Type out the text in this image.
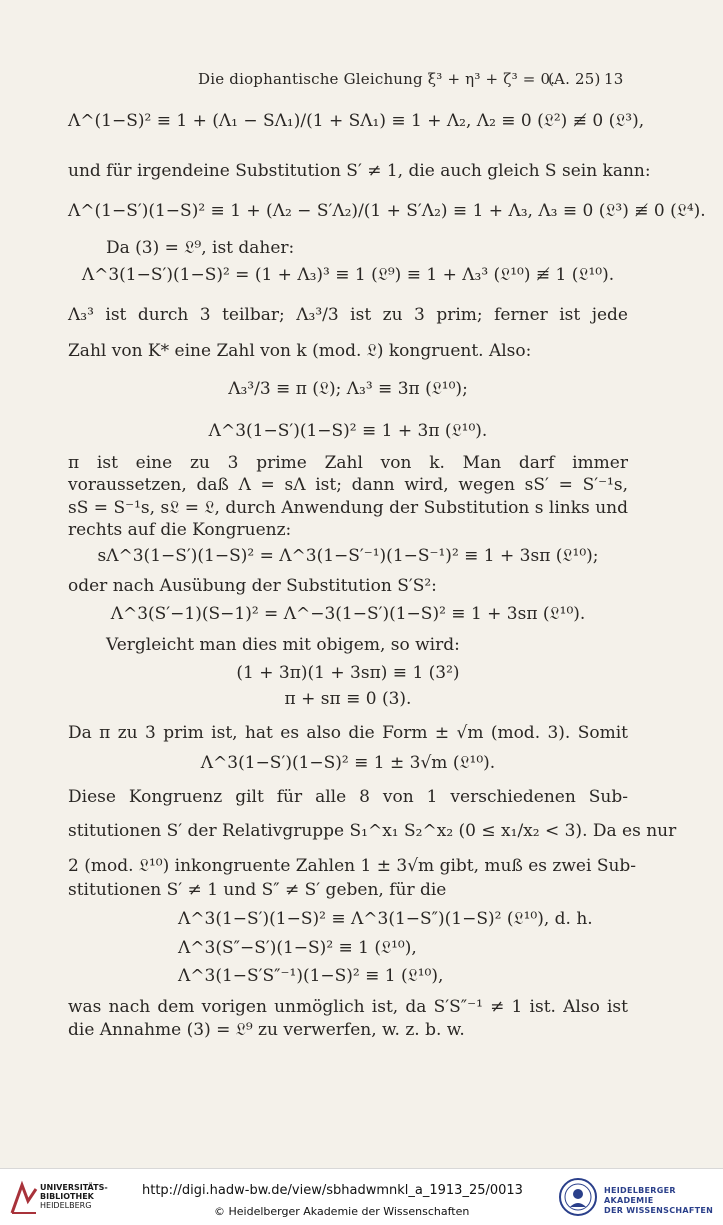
Die diophantische Gleichung ξ³ + η³ + ζ³ = 0.
(A. 25) 13
Λ^(1−S)² ≡ 1 + (Λ₁ − SΛ₁)/(1 + SΛ₁) ≡ 1 + Λ₂, Λ₂ ≡ 0 (𝔏²) ≢ 0 (𝔏³),
und für irgendeine Substitution S′ ≠ 1, die auch gleich S sein kann:
Λ^(1−S′)(1−S)² ≡ 1 + (Λ₂ − S′Λ₂)/(1 + S′Λ₂) ≡ 1 + Λ₃, Λ₃ ≡ 0 (𝔏³) ≢ 0 (𝔏⁴).
Da (3) = 𝔏⁹, ist daher:
Λ^3(1−S′)(1−S)² = (1 + Λ₃)³ ≡ 1 (𝔏⁹) ≡ 1 + Λ₃³ (𝔏¹⁰) ≢ 1 (𝔏¹⁰).
Λ₃³ ist durch 3 teilbar; Λ₃³/3 ist zu 3 prim; ferner ist jede
Zahl von K* eine Zahl von k (mod. 𝔏) kongruent. Also:
Λ₃³/3 ≡ π (𝔏); Λ₃³ ≡ 3π (𝔏¹⁰);
Λ^3(1−S′)(1−S)² ≡ 1 + 3π (𝔏¹⁰).
π ist eine zu 3 prime Zahl von k. Man darf immer
voraussetzen, daß Λ = sΛ ist; dann wird, wegen sS′ = S′⁻¹s,
sS = S⁻¹s, s𝔏 = 𝔏, durch Anwendung der Substitution s links und
rechts auf die Kongruenz:
sΛ^3(1−S′)(1−S)² = Λ^3(1−S′⁻¹)(1−S⁻¹)² ≡ 1 + 3sπ (𝔏¹⁰);
oder nach Ausübung der Substitution S′S²:
Λ^3(S′−1)(S−1)² = Λ^−3(1−S′)(1−S)² ≡ 1 + 3sπ (𝔏¹⁰).
Vergleicht man dies mit obigem, so wird:
(1 + 3π)(1 + 3sπ) ≡ 1 (3²)
π + sπ ≡ 0 (3).
Da π zu 3 prim ist, hat es also die Form ± √m (mod. 3). Somit
Λ^3(1−S′)(1−S)² ≡ 1 ± 3√m (𝔏¹⁰).
Diese Kongruenz gilt für alle 8 von 1 verschiedenen Sub-
stitutionen S′ der Relativgruppe S₁^x₁ S₂^x₂ (0 ≤ x₁/x₂ < 3). Da es nur
2 (mod. 𝔏¹⁰) inkongruente Zahlen 1 ± 3√m gibt, muß es zwei Sub-
stitutionen S′ ≠ 1 und S″ ≠ S′ geben, für die
Λ^3(1−S′)(1−S)² ≡ Λ^3(1−S″)(1−S)² (𝔏¹⁰), d. h.
Λ^3(S″−S′)(1−S)² ≡ 1 (𝔏¹⁰),
Λ^3(1−S′S″⁻¹)(1−S)² ≡ 1 (𝔏¹⁰),
was nach dem vorigen unmöglich ist, da S′S″⁻¹ ≠ 1 ist. Also ist
die Annahme (3) = 𝔏⁹ zu verwerfen, w. z. b. w.
UNIVERSITÄTS-
BIBLIOTHEK
HEIDELBERG
http://digi.hadw-bw.de/view/sbhadwmnkl_a_1913_25/0013
© Heidelberger Akademie der Wissenschaften
HEIDELBERGER AKADEMIE
DER WISSENSCHAFTEN
